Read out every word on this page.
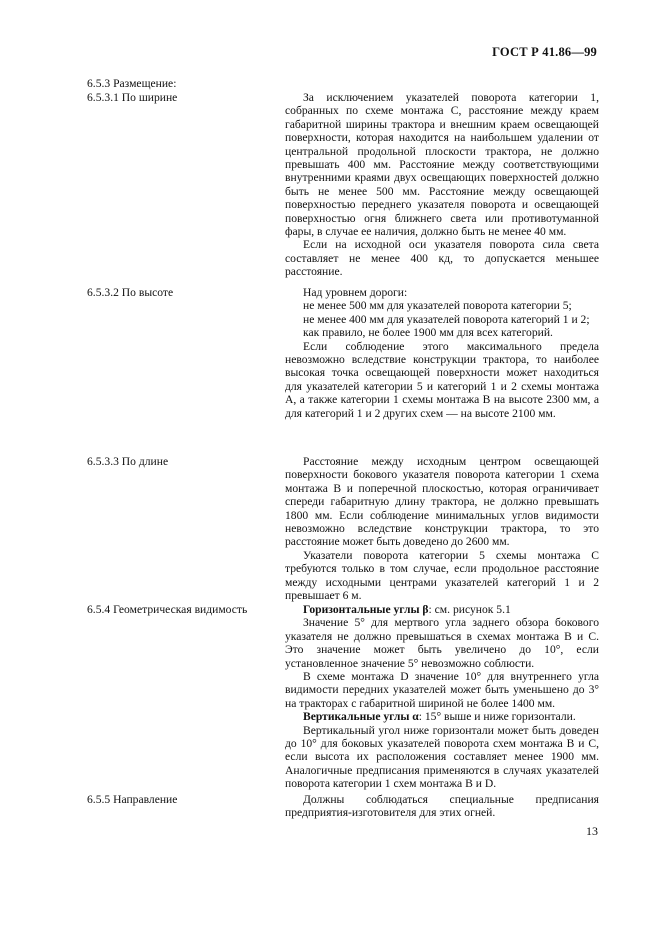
ГОСТ Р 41.86—99
6.5.3 Размещение:
6.5.3.1 По ширине	За исключением указателей поворота категории 1, собранных по схеме монтажа С, расстояние между краем габаритной ширины трактора и внешним краем освещающей поверхности, которая находится на наибольшем удалении от центральной продольной плоскости трактора, не должно превышать 400 мм. Расстояние между соответствующими внутренними краями двух освещающих поверхностей должно быть не менее 500 мм. Расстояние между освещающей поверхностью переднего указателя поворота и освещающей поверхностью огня ближнего света или противотуманной фары, в случае ее наличия, должно быть не менее 40 мм.

Если на исходной оси указателя поворота сила света составляет не менее 400 кд, то допускается меньшее расстояние.

6.5.3.2 По высоте	Над уровнем дороги:

не менее 500 мм для указателей поворота категории 5;

не менее 400 мм для указателей поворота категорий 1 и 2;

как правило, не более 1900 мм для всех категорий.

Если соблюдение этого максимального предела невозможно вследствие конструкции трактора, то наиболее высокая точка освещающей поверхности может находиться для указателей категории 5 и категорий 1 и 2 схемы монтажа А, а также категории 1 схемы монтажа В на высоте 2300 мм, а для категорий 1 и 2 других схем — на высоте 2100 мм.

6.5.3.3 По длине	Расстояние между исходным центром освещающей поверхности бокового указателя поворота категории 1 схема монтажа В и поперечной плоскостью, которая ограничивает спереди габаритную длину трактора, не должно превышать 1800 мм. Если соблюдение минимальных углов видимости невозможно вследствие конструкции трактора, то это расстояние может быть доведено до 2600 мм.

Указатели поворота категории 5 схемы монтажа С требуются только в том случае, если продольное расстояние между исходными центрами указателей категорий 1 и 2 превышает 6 м.

6.5.4 Геометрическая видимость	Горизонтальные углы β: см. рисунок 5.1

Значение 5° для мертвого угла заднего обзора бокового указателя не должно превышаться в схемах монтажа В и С. Это значение может быть увеличено до 10°, если установленное значение 5° невозможно соблюсти.

В схеме монтажа D значение 10° для внутреннего угла видимости передних указателей может быть уменьшено до 3° на тракторах с габаритной шириной не более 1400 мм.

Вертикальные углы α: 15° выше и ниже горизонтали.

Вертикальный угол ниже горизонтали может быть доведен до 10° для боковых указателей поворота схем монтажа В и С, если высота их расположения составляет менее 1900 мм. Аналогичные предписания применяются в случаях указателей поворота категории 1 схем монтажа В и D.

6.5.5 Направление	Должны соблюдаться специальные предписания предприятия-изготовителя для этих огней.

13
